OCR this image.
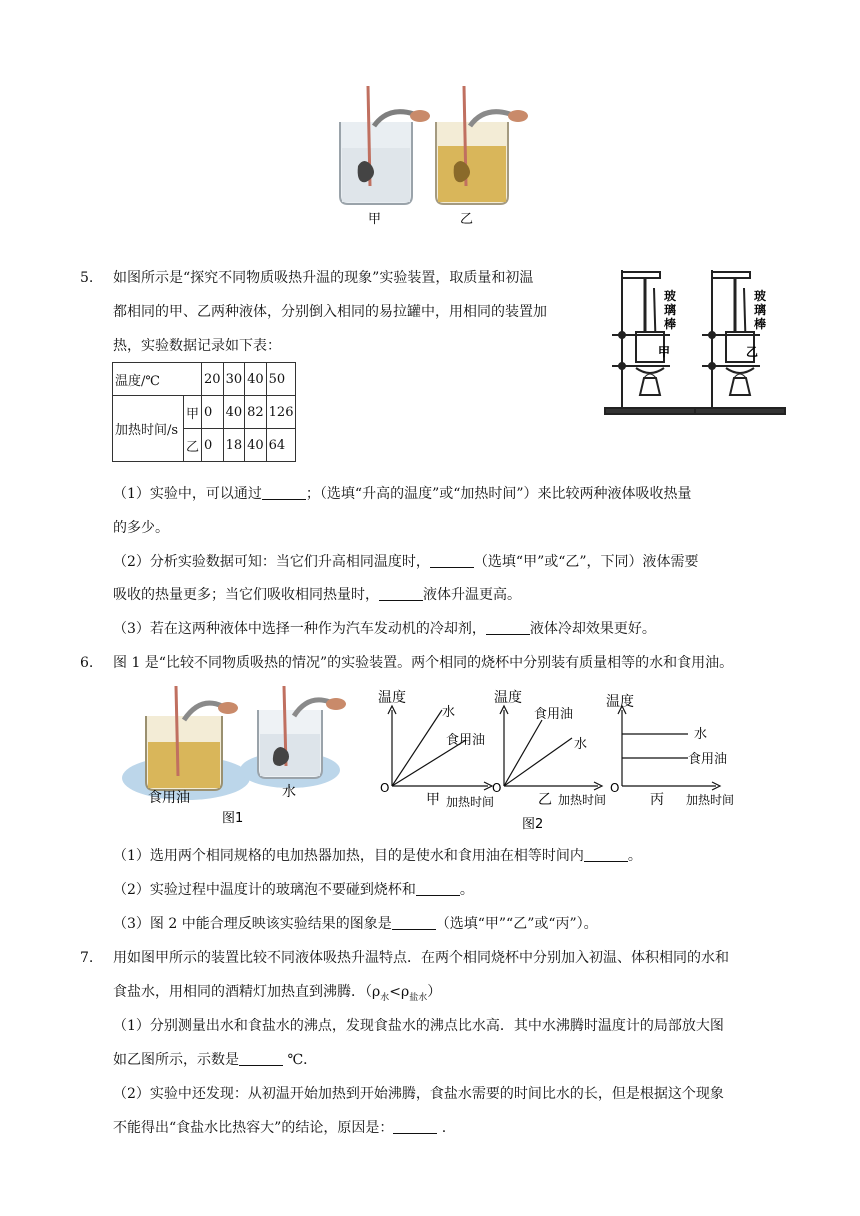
甲	乙
5. 如图所示是“探究不同物质吸热升温的现象”实验装置，取质量和初温
都相同的甲、乙两种液体，分别倒入相同的易拉罐中，用相同的装置加
热，实验数据记录如下表：
玻
璃
棒
玻
璃
棒
甲	乙
温度/℃		20	30	40	50
加热时间/s	甲	0	40	82	126
	乙	0	18	40	64
（1）实验中，可以通过	；（选填“升高的温度”或“加热时间”）来比较两种液体吸收热量
的多少。
（2）分析实验数据可知：当它们升高相同温度时，	（选填“甲”或“乙”，下同）液体需要
吸收的热量更多；当它们吸收相同热量时，	液体升温更高。
（3）若在这两种液体中选择一种作为汽车发动机的冷却剂，	液体冷却效果更好。
6. 图 1 是“比较不同物质吸热的情况”的实验装置。两个相同的烧杯中分别装有质量相等的水和食用油。
食用油	水
图1
温度	温度	温度
水
食用油
食用油
水
水
食用油
O	O	O
甲 加热时间	乙 加热时间	丙 加热时间
图2
（1）选用两个相同规格的电加热器加热，目的是使水和食用油在相等时间内	。
（2）实验过程中温度计的玻璃泡不要碰到烧杯和	。
（3）图 2 中能合理反映该实验结果的图象是	（选填“甲”“乙”或“丙”）。
7. 用如图甲所示的装置比较不同液体吸热升温特点．在两个相同烧杯中分别加入初温、体积相同的水和
食盐水，用相同的酒精灯加热直到沸腾．$(\rho_水<\rho_{盐水})$
（1）分别测量出水和食盐水的沸点，发现食盐水的沸点比水高．其中水沸腾时温度计的局部放大图
如乙图所示，示数是	℃．
（2）实验中还发现：从初温开始加热到开始沸腾，食盐水需要的时间比水的长，但是根据这个现象
不能得出“食盐水比热容大”的结论，原因是：	.
